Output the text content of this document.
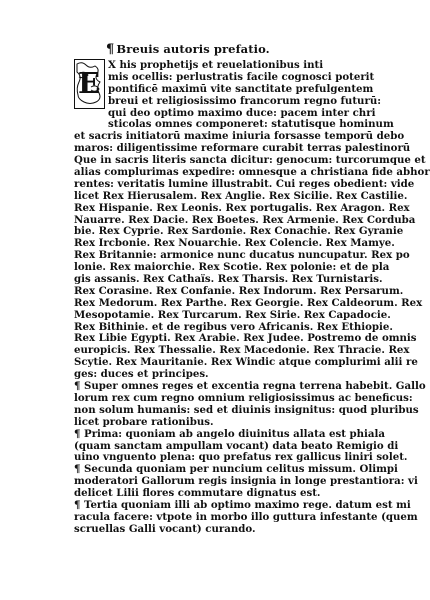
¶ Breuis autoris prefatio.
E
X his prophetijs et reuelationibus inti
mis ocellis: perlustratis facile cognosci poterit
pontificē maximū vite sanctitate prefulgentem
breui et religiosissimo francorum regno futurū:
qui deo optimo maximo duce: pacem inter chri
sticolas omnes componeret: statutisque hominum
et sacris initiatorū maxime iniuria forsasse temporū debo
maros: diligentissime reformare curabit terras palestinorū
Que in sacris literis sancta dicitur: genocum: turcorumque et
alias complurimas expedire: omnesque a christiana fide abhor
rentes: veritatis lumine illustrabit. Cui reges obedient: vide
licet Rex Hierusalem. Rex Anglie. Rex Sicilie. Rex Castilie.
Rex Hispanie. Rex Leonis. Rex portugalis. Rex Aragon. Rex
Nauarre. Rex Dacie. Rex Boetes. Rex Armenie. Rex Corduba
bie. Rex Cyprie. Rex Sardonie. Rex Conachie. Rex Gyranie
Rex Ircbonie. Rex Nouarchie. Rex Colencie. Rex Mamye.
Rex Britannie: armonice nunc ducatus nuncupatur. Rex po
lonie. Rex maiorchie. Rex Scotie. Rex polonie: et de pla
gis assanis. Rex Cathaïs. Rex Tharsis. Rex Turnistaris.
Rex Corasine. Rex Confanie. Rex Indorum. Rex Persarum.
Rex Medorum. Rex Parthe. Rex Georgie. Rex Caldeorum. Rex
Mesopotamie. Rex Turcarum. Rex Sirie. Rex Capadocie.
Rex Bithinie. et de regibus vero Africanis. Rex Ethiopie.
Rex Libie Egypti. Rex Arabie. Rex Judee. Postremo de omnis
europicis. Rex Thessalie. Rex Macedonie. Rex Thracie. Rex
Scytie. Rex Mauritanie. Rex Windic atque complurimi alii re
ges: duces et principes.
¶ Super omnes reges et excentia regna terrena habebit. Gallo
lorum rex cum regno omnium religiosissimus ac beneficus:
non solum humanis: sed et diuinis insignitus: quod pluribus
licet probare rationibus.
¶ Prima: quoniam ab angelo diuinitus allata est phiala
(quam sanctam ampullam vocant) data beato Remigio di
uino vnguento plena: quo prefatus rex gallicus liniri solet.
¶ Secunda quoniam per nuncium celitus missum. Olimpi
moderatori Gallorum regis insignia in longe prestantiora: vi
delicet Lilii flores commutare dignatus est.
¶ Tertia quoniam illi ab optimo maximo rege. datum est mi
racula facere: vtpote in morbo illo guttura infestante (quem
scruellas Galli vocant) curando.
